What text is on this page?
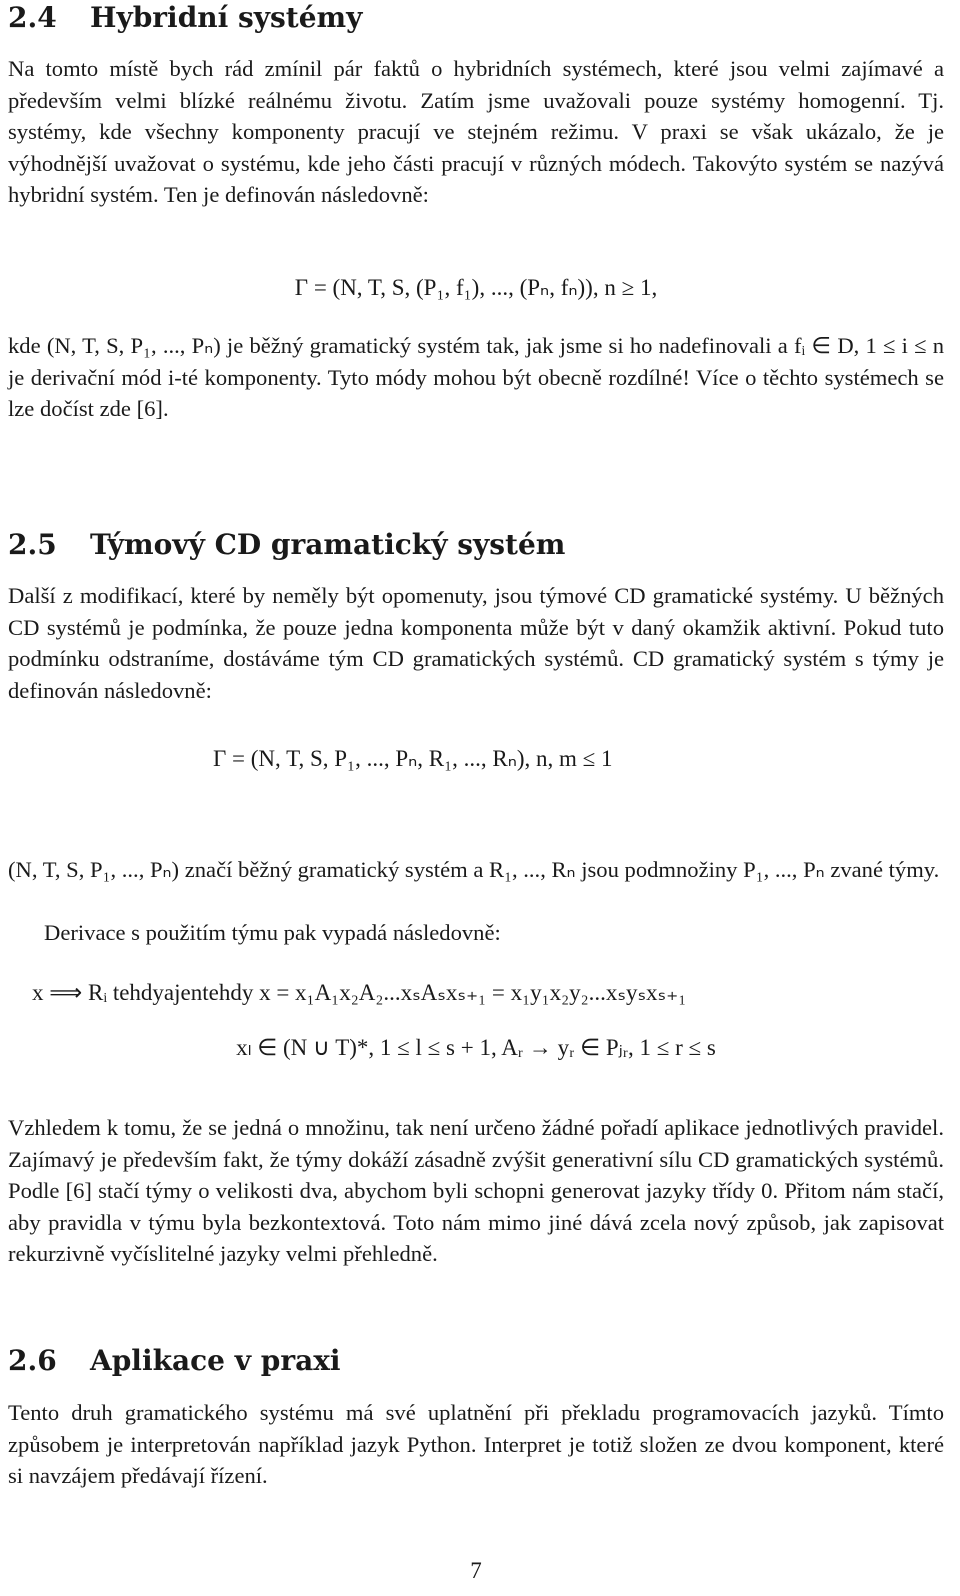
2.4 Hybridní systémy

Na tomto místě bych rád zmínil pár faktů o hybridních systémech, které jsou velmi zajímavé a především velmi blízké reálnému životu. Zatím jsme uvažovali pouze systémy homogenní. Tj. systémy, kde všechny komponenty pracují ve stejném režimu. V praxi se však ukázalo, že je výhodnější uvažovat o systému, kde jeho části pracují v různých módech. Takovýto systém se nazývá hybridní systém. Ten je definován následovně:

Γ = (N, T, S, (P₁, f₁), ..., (Pₙ, fₙ)), n ≥ 1,

kde (N, T, S, P₁, ..., Pₙ) je běžný gramatický systém tak, jak jsme si ho nadefinovali a fᵢ ∈ D, 1 ≤ i ≤ n je derivační mód i-té komponenty. Tyto módy mohou být obecně rozdílné! Více o těchto systémech se lze dočíst zde [6].

2.5 Týmový CD gramatický systém

Další z modifikací, které by neměly být opomenuty, jsou týmové CD gramatické systémy. U běžných CD systémů je podmínka, že pouze jedna komponenta může být v daný okamžik aktivní. Pokud tuto podmínku odstraníme, dostáváme tým CD gramatických systémů. CD gramatický systém s týmy je definován následovně:

Γ = (N, T, S, P₁, ..., Pₙ, R₁, ..., Rₙ), n, m ≤ 1

(N, T, S, P₁, ..., Pₙ) značí běžný gramatický systém a R₁, ..., Rₙ jsou podmnožiny P₁, ..., Pₙ zvané týmy.

Derivace s použitím týmu pak vypadá následovně:

x ⟹ Rᵢ tehdyajentehdy x = x₁A₁x₂A₂...xₛAₛxₛ₊₁ = x₁y₁x₂y₂...xₛyₛxₛ₊₁
xₗ ∈ (N ∪ T)*, 1 ≤ l ≤ s + 1, Aᵣ → yᵣ ∈ Pⱼᵣ, 1 ≤ r ≤ s

Vzhledem k tomu, že se jedná o množinu, tak není určeno žádné pořadí aplikace jednotlivých pravidel. Zajímavý je především fakt, že týmy dokáží zásadně zvýšit generativní sílu CD gramatických systémů. Podle [6] stačí týmy o velikosti dva, abychom byli schopni generovat jazyky třídy 0. Přitom nám stačí, aby pravidla v týmu byla bezkontextová. Toto nám mimo jiné dává zcela nový způsob, jak zapisovat rekurzivně vyčíslitelné jazyky velmi přehledně.

2.6 Aplikace v praxi

Tento druh gramatického systému má své uplatnění při překladu programovacích jazyků. Tímto způsobem je interpretován například jazyk Python. Interpret je totiž složen ze dvou komponent, které si navzájem předávají řízení.

7
